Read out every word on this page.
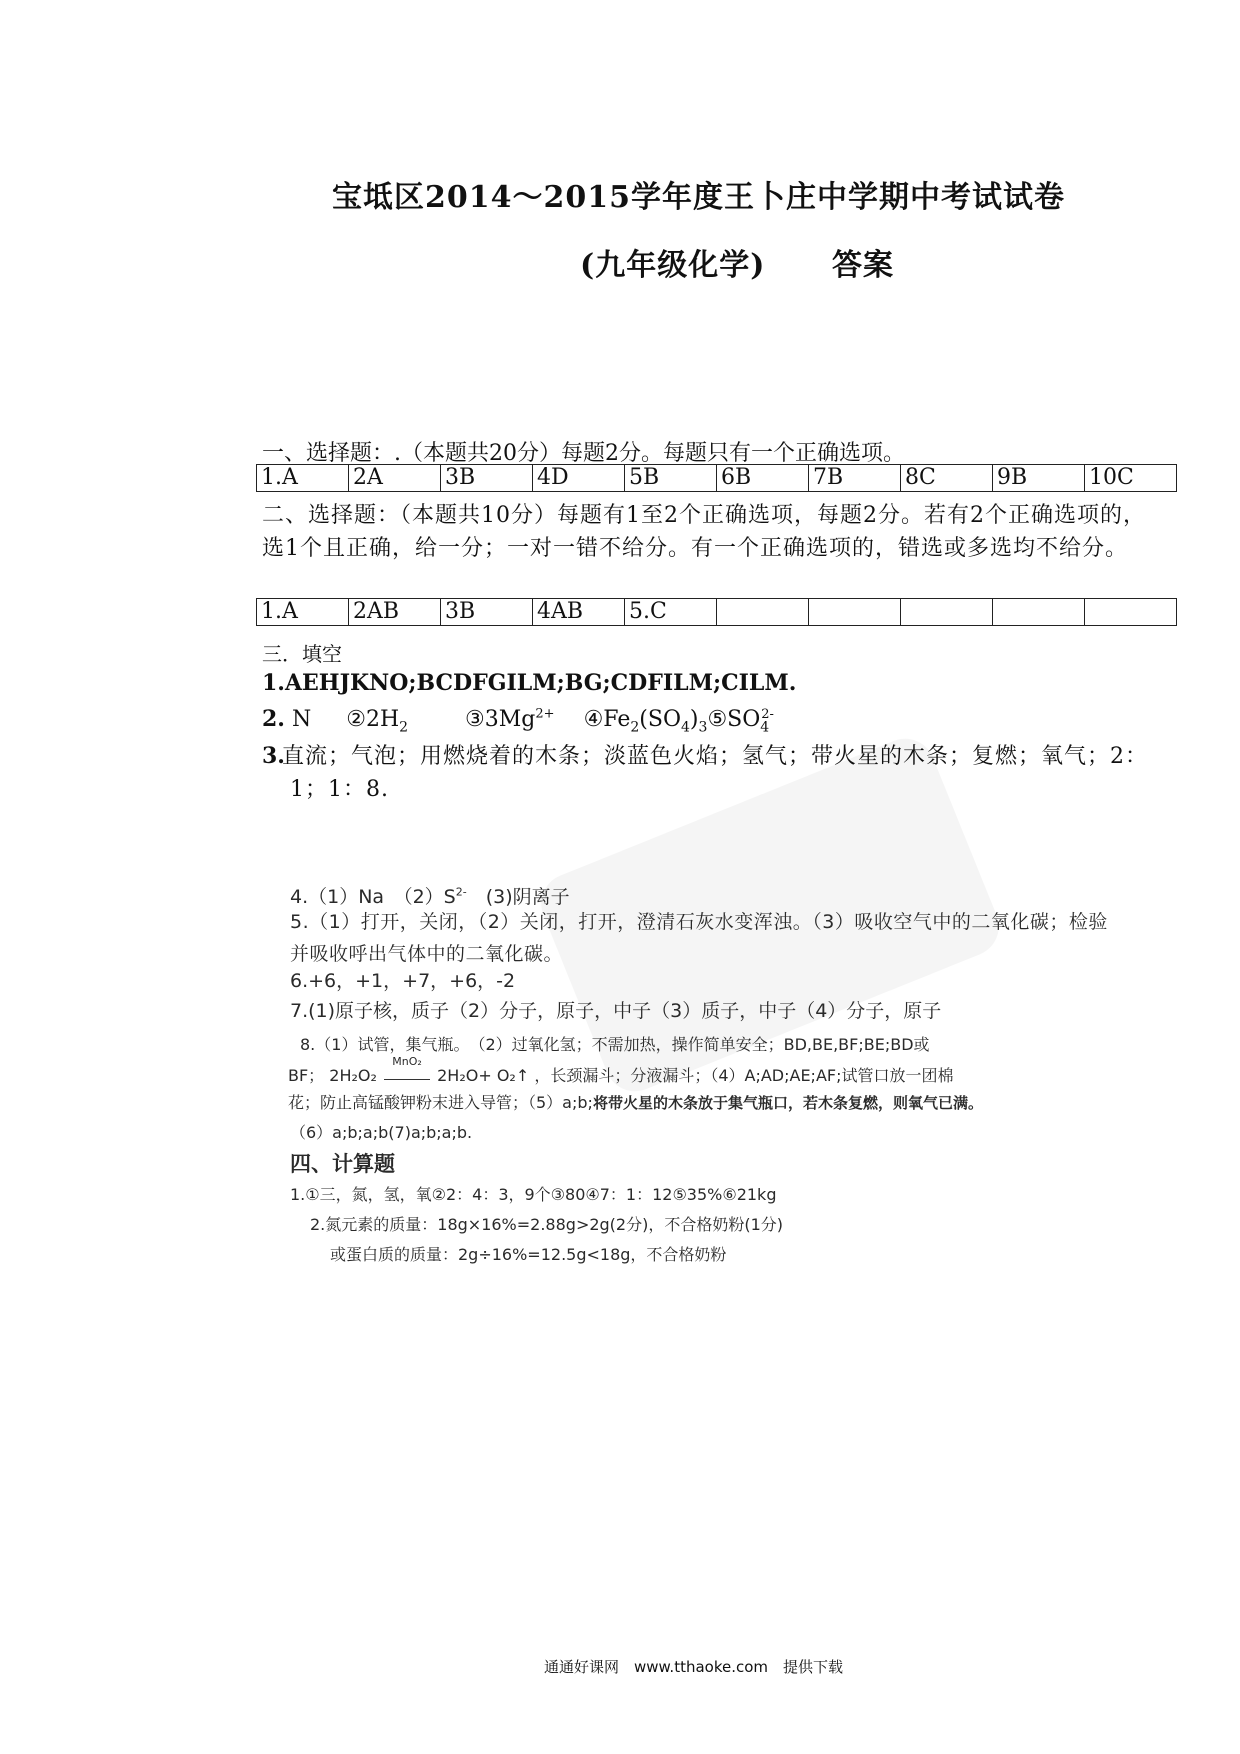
宝坻区2014～2015学年度王卜庄中学期中考试试卷
(九年级化学) 答案
一、选择题：.（本题共20分）每题2分。每题只有一个正确选项。
1.A	2A	3B	4D	5B	6B	7B	8C	9B	10C
二、选择题：（本题共10分）每题有1至2个正确选项，每题2分。若有2个正确选项的，选1个且正确，给一分；一对一错不给分。有一个正确选项的，错选或多选均不给分。
1.A	2AB	3B	4AB	5.C					
三．填空
1.AEHJKNO;BCDFGILM;BG;CDFILM;CILM.
2. N $②2H_2$	$③3Mg^{2+}$ $④Fe_2(SO_4)_3⑤SO_4^{2-}$
3.
直流；气泡；用燃烧着的木条；淡蓝色火焰；氢气；带火星的木条；复燃；氧气；2：1；1：8.
4.（1）Na　$(2)S^{2-}$　(3)阴离子
5.（1）打开，关闭，（2）关闭，打开，澄清石灰水变浑浊。（3）吸收空气中的二氧化碳；检验并吸收呼出气体中的二氧化碳。
6.+6，+1，+7，+6，-2
7.(1)原子核，质子（2）分子，原子，中子（3）质子，中子（4）分子，原子
8.（1）试管，集气瓶。　（2）过氧化氢；不需加热，操作简单安全；BD,BE,BF;BE;BD或
BF； 2H₂O₂ $^{MnO_2}$ 2H₂O+ O₂↑ ，长颈漏斗；分液漏斗；（4）A;AD;AE;AF;试管口放一团棉
花；防止高锰酸钾粉末进入导管；（5）a;b;将带火星的木条放于集气瓶口，若木条复燃，则氧气已满。
（6）a;b;a;b(7)a;b;a;b.
四、计算题
1.①三，氮，氢，氧②2：4：3，9个③80④7：1：12⑤35%⑥21kg
2.氮元素的质量：18g×16%=2.88g>2g(2分)，不合格奶粉(1分)
或蛋白质的质量：2g÷16%=12.5g<18g，不合格奶粉
通通好课网　www.tthaoke.com　提供下载
